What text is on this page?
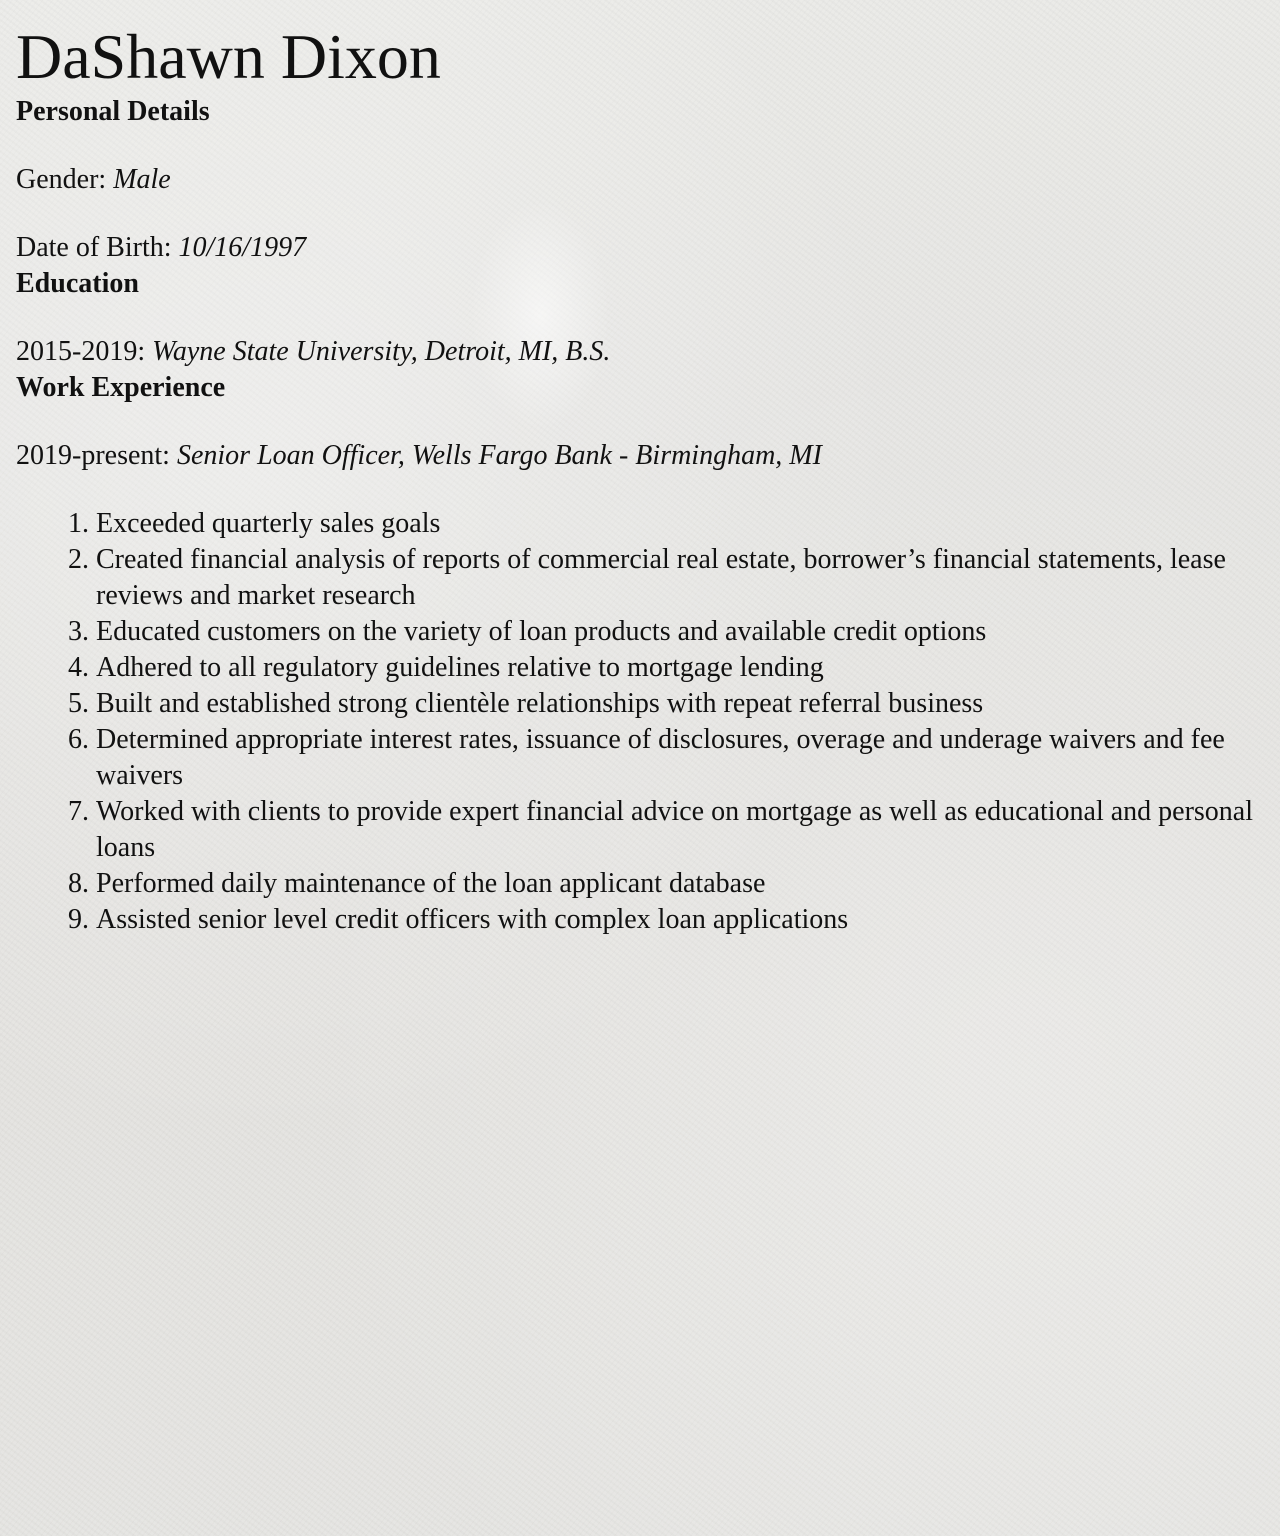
DaShawn Dixon
Personal Details

Gender: Male

Date of Birth: 10/16/1997

Education

2015-2019: Wayne State University, Detroit, MI, B.S.

Work Experience

2019-present: Senior Loan Officer, Wells Fargo Bank - Birmingham, MI

1. Exceeded quarterly sales goals
2. Created financial analysis of reports of commercial real estate, borrower’s financial statements, lease reviews and market research
3. Educated customers on the variety of loan products and available credit options
4. Adhered to all regulatory guidelines relative to mortgage lending
5. Built and established strong clientèle relationships with repeat referral business
6. Determined appropriate interest rates, issuance of disclosures, overage and underage waivers and fee waivers
7. Worked with clients to provide expert financial advice on mortgage as well as educational and personal loans
8. Performed daily maintenance of the loan applicant database
9. Assisted senior level credit officers with complex loan applications
